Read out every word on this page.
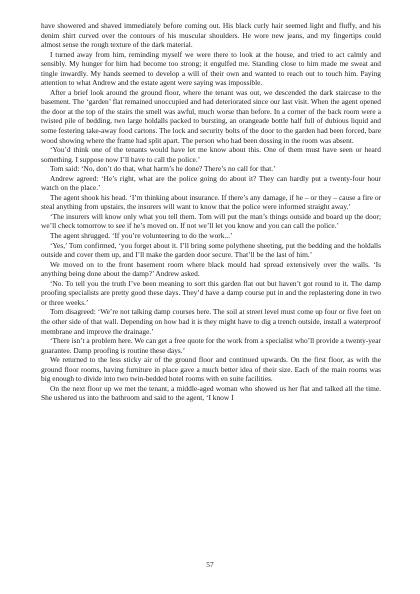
have showered and shaved immediately before coming out. His black curly hair seemed light and fluffy, and his denim shirt curved over the contours of his muscular shoulders. He wore new jeans, and my fingertips could almost sense the rough texture of the dark material.

I turned away from him, reminding myself we were there to look at the house, and tried to act calmly and sensibly. My hunger for him had become too strong; it engulfed me. Standing close to him made me sweat and tingle inwardly. My hands seemed to develop a will of their own and wanted to reach out to touch him. Paying attention to what Andrew and the estate agent were saying was impossible.

After a brief look around the ground floor, where the tenant was out, we descended the dark staircase to the basement. The ‘garden’ flat remained unoccupied and had deteriorated since our last visit. When the agent opened the door at the top of the stairs the smell was awful, much worse than before. In a corner of the back room were a twisted pile of bedding, two large holdalls packed to bursting, an orangeade bottle half full of dubious liquid and some festering take-away food cartons. The lock and security bolts of the door to the garden had been forced, bare wood showing where the frame had split apart. The person who had been dossing in the room was absent.

‘You’d think one of the tenants would have let me know about this. One of them must have seen or heard something. I suppose now I’ll have to call the police.’

Tom said: ‘No, don’t do that, what harm’s he done? There’s no call for that.’

Andrew agreed: ‘He’s right, what are the police going do about it? They can hardly put a twenty-four hour watch on the place.’

The agent shook his head. ‘I’m thinking about insurance. If there’s any damage, if he – or they – cause a fire or steal anything from upstairs, the insurers will want to know that the police were informed straight away.’

‘The insurers will know only what you tell them. Tom will put the man’s things outside and board up the door; we’ll check tomorrow to see if he’s moved on. If not we’ll let you know and you can call the police.’

The agent shrugged. ‘If you’re volunteering to do the work...’

‘Yes,’ Tom confirmed, ‘you forget about it. I’ll bring some polythene sheeting, put the bedding and the holdalls outside and cover them up, and I’ll make the garden door secure. That’ll be the last of him.’

We moved on to the front basement room where black mould had spread extensively over the walls. ‘Is anything being done about the damp?’ Andrew asked.

‘No. To tell you the truth I’ve been meaning to sort this garden flat out but haven’t got round to it. The damp proofing specialists are pretty good these days. They’d have a damp course put in and the replastering done in two or three weeks.’

Tom disagreed: ‘We’re not talking damp courses here. The soil at street level must come up four or five feet on the other side of that wall. Depending on how bad it is they might have to dig a trench outside, install a waterproof membrane and improve the drainage.’

‘There isn’t a problem here. We can get a free quote for the work from a specialist who’ll provide a twenty-year guarantee. Damp proofing is routine these days.’

We returned to the less sticky air of the ground floor and continued upwards. On the first floor, as with the ground floor rooms, having furniture in place gave a much better idea of their size. Each of the main rooms was big enough to divide into two twin-bedded hotel rooms with en suite facilities.

On the next floor up we met the tenant, a middle-aged woman who showed us her flat and talked all the time. She ushered us into the bathroom and said to the agent, ‘I know I

57
